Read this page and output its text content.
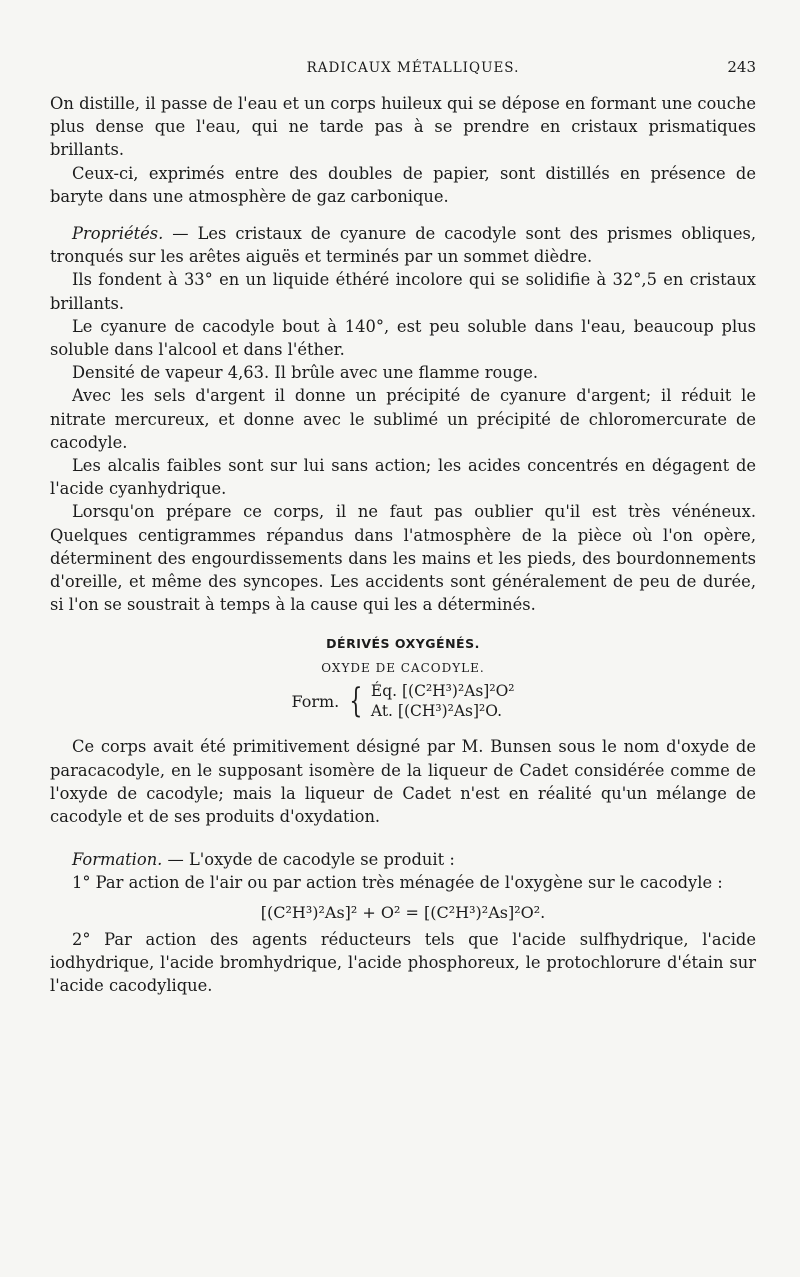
RADICAUX MÉTALLIQUES.	243

On distille, il passe de l'eau et un corps huileux qui se dépose en formant une couche plus dense que l'eau, qui ne tarde pas à se prendre en cristaux prismatiques brillants.

Ceux-ci, exprimés entre des doubles de papier, sont distillés en présence de baryte dans une atmosphère de gaz carbonique.

Propriétés. — Les cristaux de cyanure de cacodyle sont des prismes obliques, tronqués sur les arêtes aiguës et terminés par un sommet dièdre.

Ils fondent à 33° en un liquide éthéré incolore qui se solidifie à 32°,5 en cristaux brillants.

Le cyanure de cacodyle bout à 140°, est peu soluble dans l'eau, beaucoup plus soluble dans l'alcool et dans l'éther.

Densité de vapeur 4,63. Il brûle avec une flamme rouge.

Avec les sels d'argent il donne un précipité de cyanure d'argent; il réduit le nitrate mercureux, et donne avec le sublimé un précipité de chloromercurate de cacodyle.

Les alcalis faibles sont sur lui sans action; les acides concentrés en dégagent de l'acide cyanhydrique.

Lorsqu'on prépare ce corps, il ne faut pas oublier qu'il est très vénéneux. Quelques centigrammes répandus dans l'atmosphère de la pièce où l'on opère, déterminent des engourdissements dans les mains et les pieds, des bourdonnements d'oreille, et même des syncopes. Les accidents sont généralement de peu de durée, si l'on se soustrait à temps à la cause qui les a déterminés.

DÉRIVÉS OXYGÉNÉS.
OXYDE DE CACODYLE.
Form. { Éq. [(C²H³)²As]²O²
At. [(CH³)²As]²O.

Ce corps avait été primitivement désigné par M. Bunsen sous le nom d'oxyde de paracacodyle, en le supposant isomère de la liqueur de Cadet considérée comme de l'oxyde de cacodyle; mais la liqueur de Cadet n'est en réalité qu'un mélange de cacodyle et de ses produits d'oxydation.

Formation. — L'oxyde de cacodyle se produit :

1° Par action de l'air ou par action très ménagée de l'oxygène sur le cacodyle :

[(C²H³)²As]² + O² = [(C²H³)²As]²O².

2° Par action des agents réducteurs tels que l'acide sulfhydrique, l'acide iodhydrique, l'acide bromhydrique, l'acide phosphoreux, le protochlorure d'étain sur l'acide cacodylique.
